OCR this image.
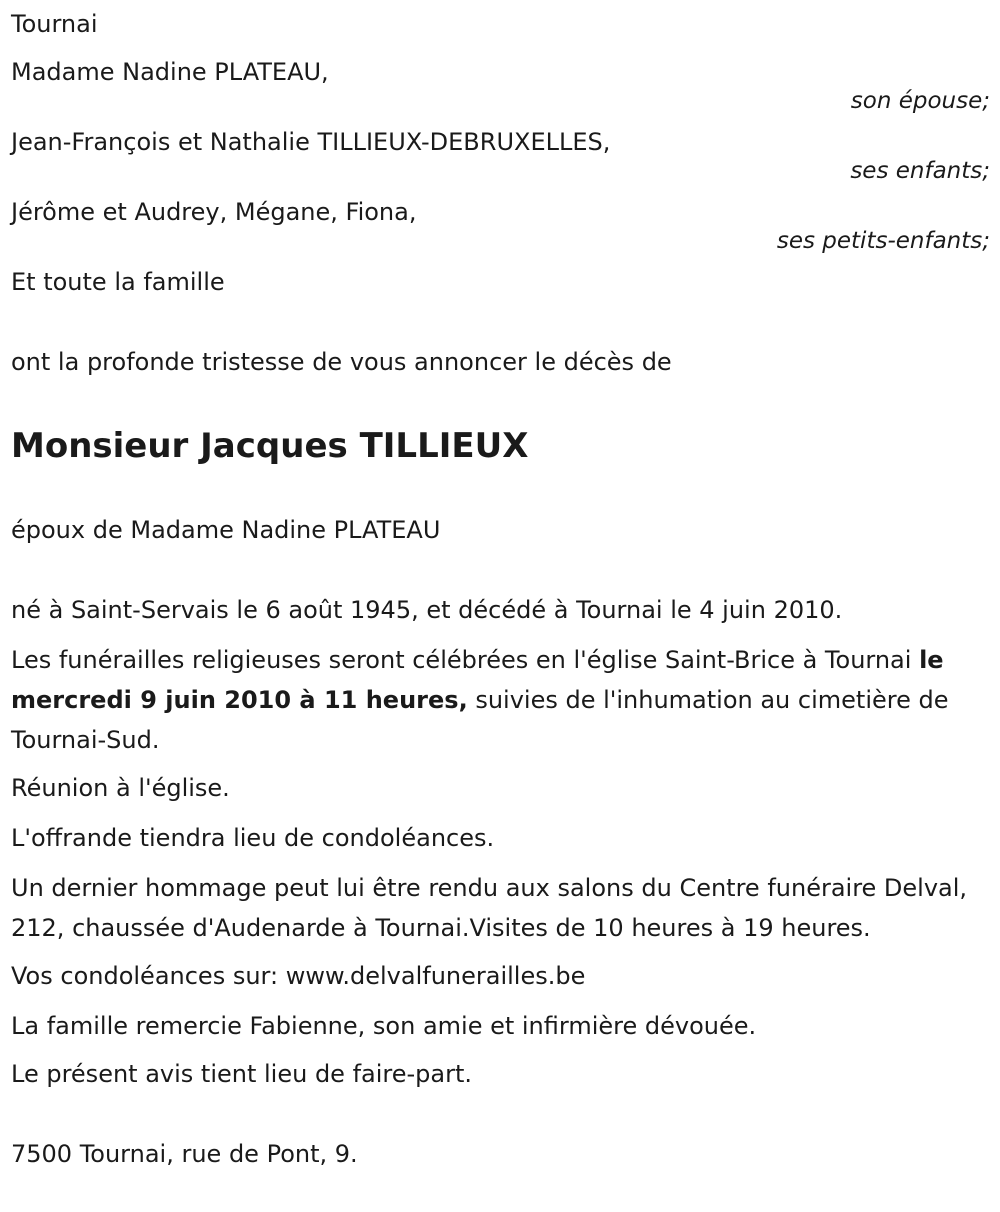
Tournai

Madame Nadine PLATEAU,

son épouse;

Jean-François et Nathalie TILLIEUX-DEBRUXELLES,

ses enfants;

Jérôme et Audrey, Mégane, Fiona,

ses petits-enfants;

Et toute la famille

ont la profonde tristesse de vous annoncer le décès de

Monsieur Jacques TILLIEUX

époux de Madame Nadine PLATEAU

né à Saint-Servais le 6 août 1945, et décédé à Tournai le 4 juin 2010.

Les funérailles religieuses seront célébrées en l'église Saint-Brice à Tournai le mercredi 9 juin 2010 à 11 heures, suivies de l'inhumation au cimetière de Tournai-Sud.

Réunion à l'église.

L'offrande tiendra lieu de condoléances.

Un dernier hommage peut lui être rendu aux salons du Centre funéraire Delval, 212, chaussée d'Audenarde à Tournai.Visites de 10 heures à 19 heures.

Vos condoléances sur: www.delvalfunerailles.be

La famille remercie Fabienne, son amie et infirmière dévouée.

Le présent avis tient lieu de faire-part.

7500 Tournai, rue de Pont, 9.
